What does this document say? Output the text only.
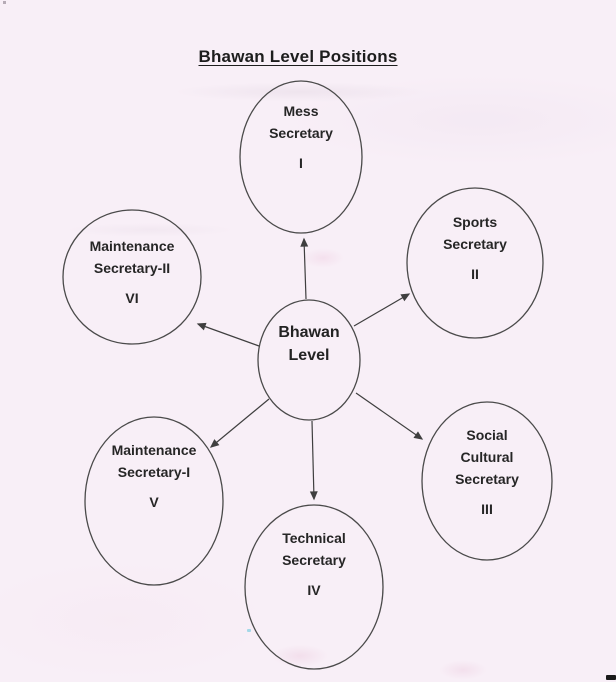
Bhawan Level Positions
Bhawan
Level
Mess
Secretary
I
Sports
Secretary
II
Social
Cultural
Secretary
III
Technical
Secretary
IV
Maintenance
Secretary-I
V
Maintenance
Secretary-II
VI
